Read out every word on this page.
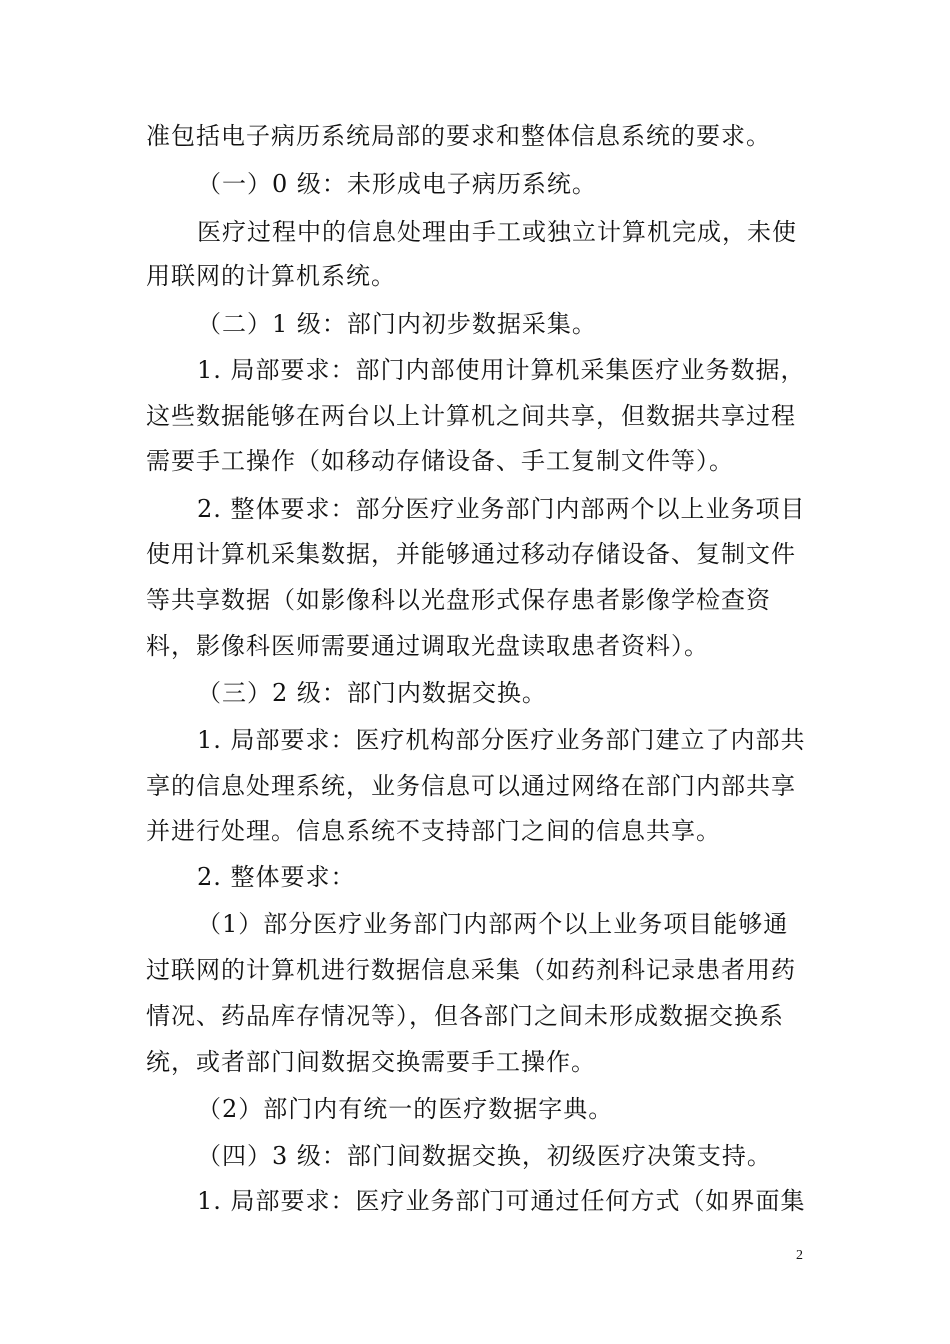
准包括电子病历系统局部的要求和整体信息系统的要求。
（一）0 级：未形成电子病历系统。
医疗过程中的信息处理由手工或独立计算机完成，未使
用联网的计算机系统。
（二）1 级：部门内初步数据采集。
1. 局部要求：部门内部使用计算机采集医疗业务数据，
这些数据能够在两台以上计算机之间共享，但数据共享过程
需要手工操作（如移动存储设备、手工复制文件等）。
2. 整体要求：部分医疗业务部门内部两个以上业务项目
使用计算机采集数据，并能够通过移动存储设备、复制文件
等共享数据（如影像科以光盘形式保存患者影像学检查资
料，影像科医师需要通过调取光盘读取患者资料）。
（三）2 级：部门内数据交换。
1. 局部要求：医疗机构部分医疗业务部门建立了内部共
享的信息处理系统，业务信息可以通过网络在部门内部共享
并进行处理。信息系统不支持部门之间的信息共享。
2. 整体要求：
（1）部分医疗业务部门内部两个以上业务项目能够通
过联网的计算机进行数据信息采集（如药剂科记录患者用药
情况、药品库存情况等），但各部门之间未形成数据交换系
统，或者部门间数据交换需要手工操作。
（2）部门内有统一的医疗数据字典。
（四）3 级：部门间数据交换，初级医疗决策支持。
1. 局部要求：医疗业务部门可通过任何方式（如界面集
2
